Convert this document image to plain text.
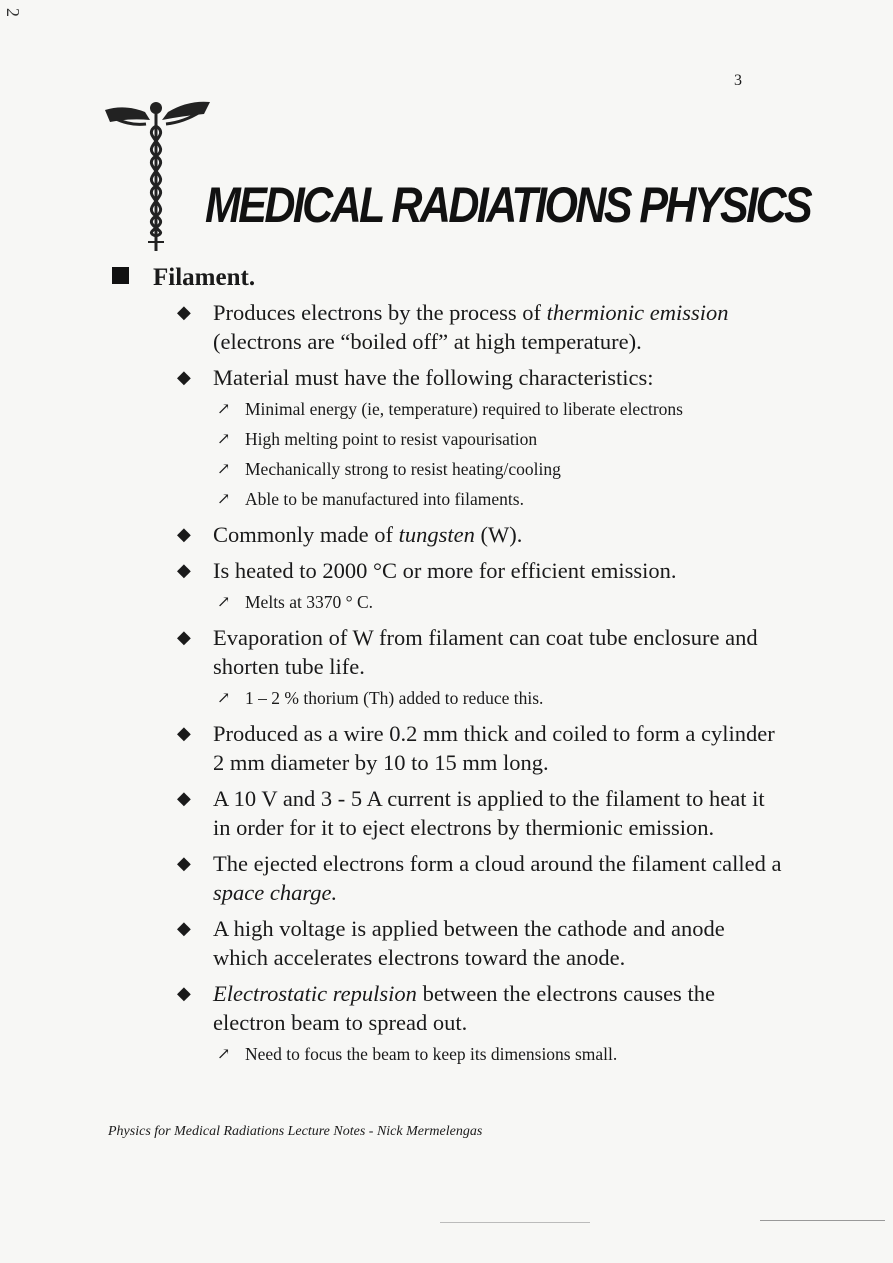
2
3
MEDICAL RADIATIONS PHYSICS
Filament.
◆ Produces electrons by the process of thermionic emission (electrons are “boiled off” at high temperature).
◆ Material must have the following characteristics:
↗ Minimal energy (ie, temperature) required to liberate electrons
↗ High melting point to resist vapourisation
↗ Mechanically strong to resist heating/cooling
↗ Able to be manufactured into filaments.
◆ Commonly made of tungsten (W).
◆ Is heated to 2000 °C or more for efficient emission.
↗ Melts at 3370 ° C.
◆ Evaporation of W from filament can coat tube enclosure and shorten tube life.
↗ 1 – 2 % thorium (Th) added to reduce this.
◆ Produced as a wire 0.2 mm thick and coiled to form a cylinder 2 mm diameter by 10 to 15 mm long.
◆ A 10 V and 3 - 5 A current is applied to the filament to heat it in order for it to eject electrons by thermionic emission.
◆ The ejected electrons form a cloud around the filament called a space charge.
◆ A high voltage is applied between the cathode and anode which accelerates electrons toward the anode.
◆ Electrostatic repulsion between the electrons causes the electron beam to spread out.
↗ Need to focus the beam to keep its dimensions small.
Physics for Medical Radiations Lecture Notes - Nick Mermelengas
